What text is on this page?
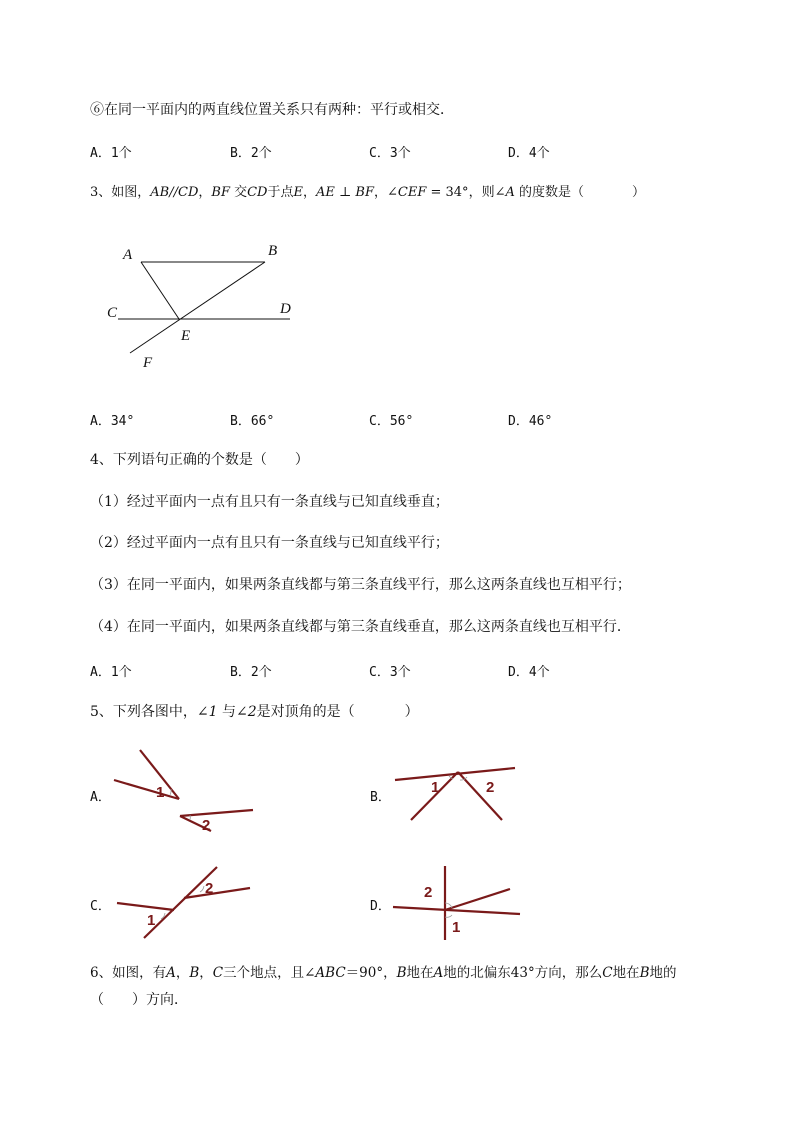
⑥在同一平面内的两直线位置关系只有两种：平行或相交．
A．1个	B．2个	C．3个	D．4个
3、如图，AB//CD，BF 交CD于点E，AE ⊥ BF，∠CEF = 34°，则∠A 的度数是（	）
A	B
C	D
E
F
A．34°	B．66°	C．56°	D．46°
4、下列语句正确的个数是（　　）
（1）经过平面内一点有且只有一条直线与已知直线垂直；
（2）经过平面内一点有且只有一条直线与已知直线平行；
（3）在同一平面内，如果两条直线都与第三条直线平行，那么这两条直线也互相平行；
（4）在同一平面内，如果两条直线都与第三条直线垂直，那么这两条直线也互相平行．
A．1个	B．2个	C．3个	D．4个
5、下列各图中，∠1 与∠2是对顶角的是（	）
A．	1
2
B．
1	2
C．
1
2
D．
2
1
6、如图，有A，B，C三个地点，且∠ABC＝90°，B地在A地的北偏东43°方向，那么C地在B地的
（　　）方向．
